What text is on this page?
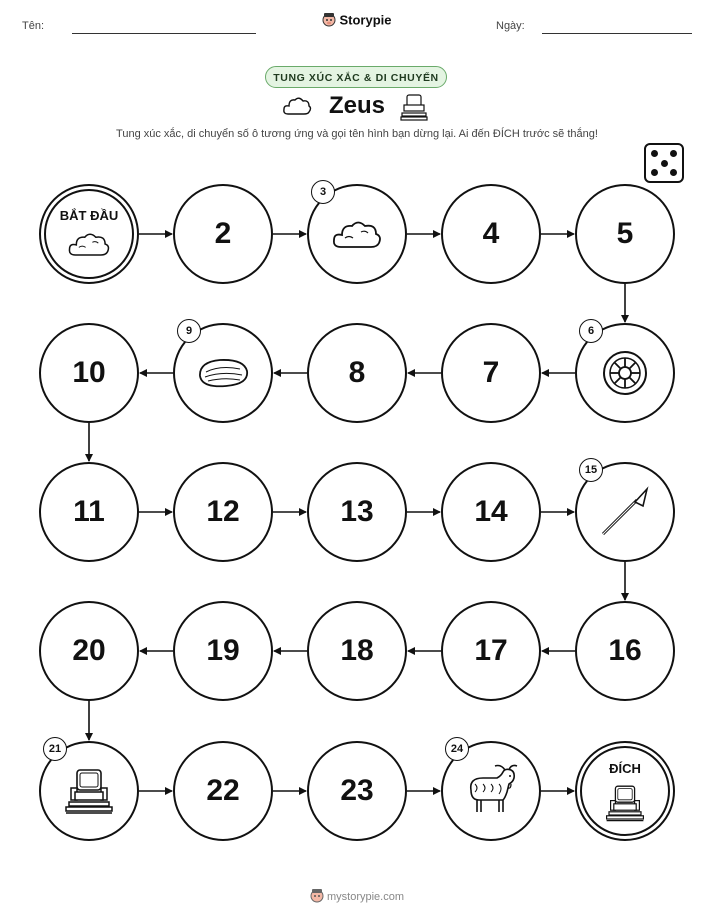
Tên:	Storypie	Ngày:
TUNG XÚC XẮC & DI CHUYỂN
Zeus
Tung xúc xắc, di chuyển số ô tương ứng và gọi tên hình bạn dừng lại. Ai đến ĐÍCH trước sẽ thắng!
BẮT ĐẦU
2
3
4	5
6
7
8
9
10
11	12	13	14
15
16
17
18
19
20
21
22	23
24
ĐÍCH
mystorypie.com
